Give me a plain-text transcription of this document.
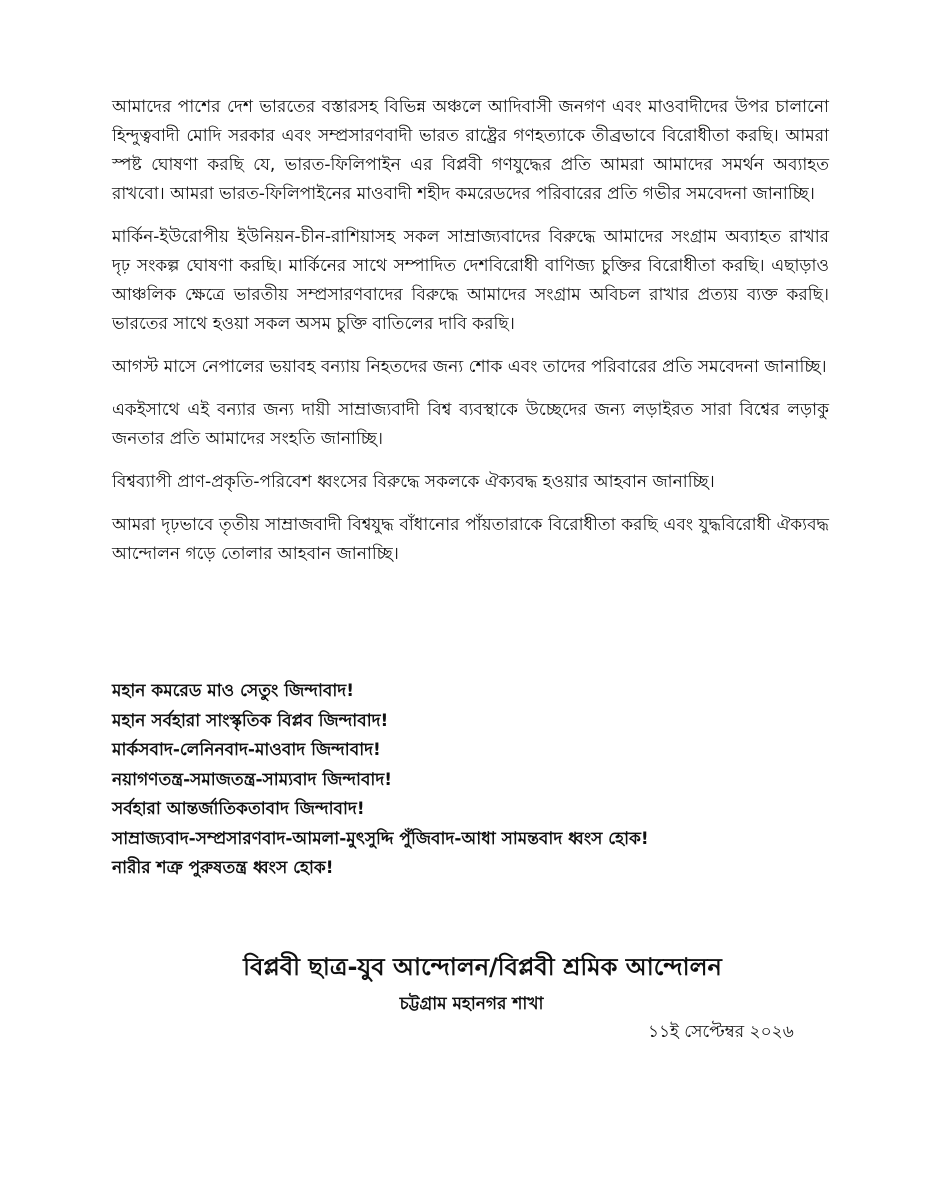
আমাদের পাশের দেশ ভারতের বস্তারসহ বিভিন্ন অঞ্চলে আদিবাসী জনগণ এবং মাওবাদীদের উপর চালানো হিন্দুত্ববাদী মোদি সরকার এবং সম্প্রসারণবাদী ভারত রাষ্ট্রের গণহত্যাকে তীব্রভাবে বিরোধীতা করছি। আমরা স্পষ্ট ঘোষণা করছি যে, ভারত-ফিলিপাইন এর বিপ্লবী গণযুদ্ধের প্রতি আমরা আমাদের সমর্থন অব্যাহত রাখবো। আমরা ভারত-ফিলিপাইনের মাওবাদী শহীদ কমরেডদের পরিবারের প্রতি গভীর সমবেদনা জানাচ্ছি।

মার্কিন-ইউরোপীয় ইউনিয়ন-চীন-রাশিয়াসহ সকল সাম্রাজ্যবাদের বিরুদ্ধে আমাদের সংগ্রাম অব্যাহত রাখার দৃঢ় সংকল্প ঘোষণা করছি। মার্কিনের সাথে সম্পাদিত দেশবিরোধী বাণিজ্য চুক্তির বিরোধীতা করছি। এছাড়াও আঞ্চলিক ক্ষেত্রে ভারতীয় সম্প্রসারণবাদের বিরুদ্ধে আমাদের সংগ্রাম অবিচল রাখার প্রত্যয় ব্যক্ত করছি। ভারতের সাথে হওয়া সকল অসম চুক্তি বাতিলের দাবি করছি।

আগস্ট মাসে নেপালের ভয়াবহ বন্যায় নিহতদের জন্য শোক এবং তাদের পরিবারের প্রতি সমবেদনা জানাচ্ছি।

একইসাথে এই বন্যার জন্য দায়ী সাম্রাজ্যবাদী বিশ্ব ব্যবস্থাকে উচ্ছেদের জন্য লড়াইরত সারা বিশ্বের লড়াকু জনতার প্রতি আমাদের সংহতি জানাচ্ছি।

বিশ্বব্যাপী প্রাণ-প্রকৃতি-পরিবেশ ধ্বংসের বিরুদ্ধে সকলকে ঐক্যবদ্ধ হওয়ার আহবান জানাচ্ছি।

আমরা দৃঢ়ভাবে তৃতীয় সাম্রাজবাদী বিশ্বযুদ্ধ বাঁধানোর পাঁয়তারাকে বিরোধীতা করছি এবং যুদ্ধবিরোধী ঐক্যবদ্ধ আন্দোলন গড়ে তোলার আহবান জানাচ্ছি।

মহান কমরেড মাও সেতুং জিন্দাবাদ!

মহান সর্বহারা সাংস্কৃতিক বিপ্লব জিন্দাবাদ!

মার্কসবাদ-লেনিনবাদ-মাওবাদ জিন্দাবাদ!

নয়াগণতন্ত্র-সমাজতন্ত্র-সাম্যবাদ জিন্দাবাদ!

সর্বহারা আন্তর্জাতিকতাবাদ জিন্দাবাদ!

সাম্রাজ্যবাদ-সম্প্রসারণবাদ-আমলা-মুৎসুদ্দি পুঁজিবাদ-আধা সামন্তবাদ ধ্বংস হোক!

নারীর শত্রু পুরুষতন্ত্র ধ্বংস হোক!

বিপ্লবী ছাত্র-যুব আন্দোলন/বিপ্লবী শ্রমিক আন্দোলন

চট্টগ্রাম মহানগর শাখা

১১ই সেপ্টেম্বর ২০২৬
